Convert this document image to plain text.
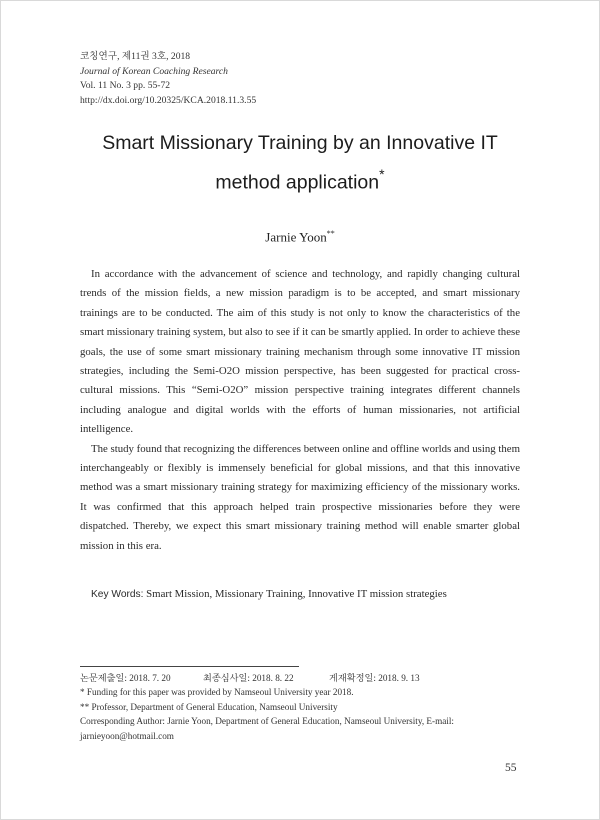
코칭연구, 제11권 3호, 2018
Journal of Korean Coaching Research
Vol. 11 No. 3 pp. 55-72
http://dx.doi.org/10.20325/KCA.2018.11.3.55
Smart Missionary Training by an Innovative IT
method application*
Jarnie Yoon**

In accordance with the advancement of science and technology, and rapidly changing cultural trends of the mission fields, a new mission paradigm is to be accepted, and smart missionary trainings are to be conducted. The aim of this study is not only to know the characteristics of the smart missionary training system, but also to see if it can be smartly applied. In order to achieve these goals, the use of some smart missionary training mechanism through some innovative IT mission strategies, including the Semi-O2O mission perspective, has been suggested for practical cross-cultural missions. This “Semi-O2O” mission perspective training integrates different channels including analogue and digital worlds with the efforts of human missionaries, not artificial intelligence.

The study found that recognizing the differences between online and offline worlds and using them interchangeably or flexibly is immensely beneficial for global missions, and that this innovative method was a smart missionary training strategy for maximizing efficiency of the missionary works. It was confirmed that this approach helped train prospective missionaries before they were dispatched. Thereby, we expect this smart missionary training method will enable smarter global mission in this era.

Key Words: Smart Mission, Missionary Training, Innovative IT mission strategies
논문제출일: 2018. 7. 20	최종심사일: 2018. 8. 22	게재확정일: 2018. 9. 13
* Funding for this paper was provided by Namseoul University year 2018.
** Professor, Department of General Education, Namseoul University
Corresponding Author: Jarnie Yoon, Department of General Education, Namseoul University, E-mail: jarnieyoon@hotmail.com
55
